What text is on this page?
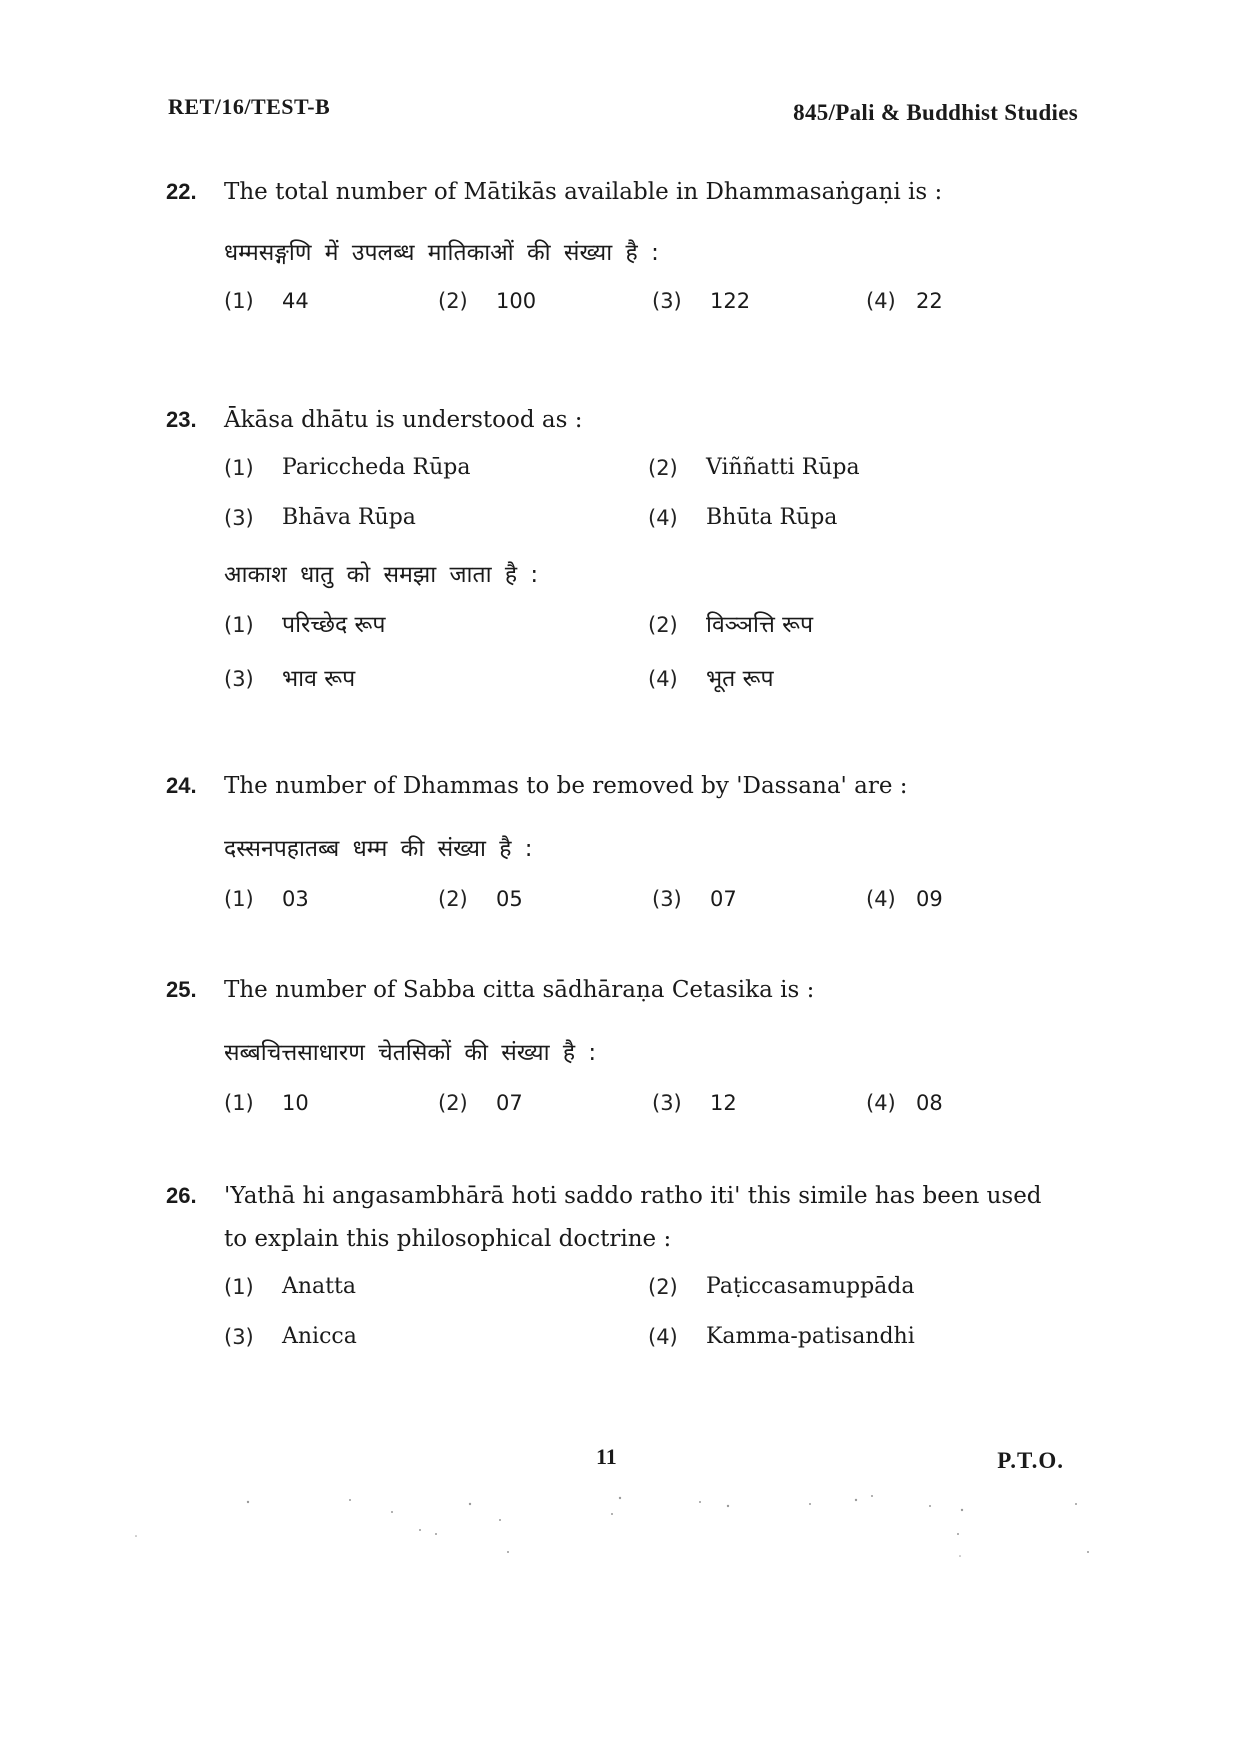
RET/16/TEST-B	845/Pali & Buddhist Studies
22.	The total number of Mātikās available in Dhammasaṅgaṇi is :
धम्मसङ्गणि में उपलब्ध मातिकाओं की संख्या है :
(1)	44	(2)	100	(3)	122	(4) 22
23.	Ākāsa dhātu is understood as :
(1)	Pariccheda Rūpa	(2)	Viññatti Rūpa
(3)	Bhāva Rūpa	(4)	Bhūta Rūpa
आकाश धातु को समझा जाता है :
(1)	परिच्छेद रूप	(2)	विञ्ञत्ति रूप
(3)	भाव रूप	(4)	भूत रूप
24.	The number of Dhammas to be removed by 'Dassana' are :
दस्सनपहातब्ब धम्म की संख्या है :
(1)	03	(2)	05	(3)	07	(4) 09
25.	The number of Sabba citta sādhāraṇa Cetasika is :
सब्बचित्तसाधारण चेतसिकों की संख्या है :
(1)	10	(2)	07	(3)	12	(4) 08
26.	'Yathā hi angasambhārā hoti saddo ratho iti' this simile has been used
to explain this philosophical doctrine :
(1)	Anatta	(2)	Paṭiccasamuppāda
(3)	Anicca	(4)	Kamma-patisandhi
11	P.T.O.
